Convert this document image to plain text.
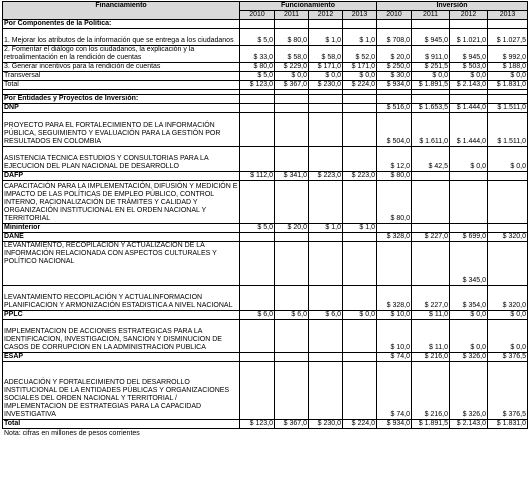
Financiamiento	Funcionamiento				Inversión			
	2010	2011	2012	2013	2010	2011	2012	2013
Por Componentes de la Política:								
1. Mejorar los atributos de la información que se entrega a los ciudadanos	$ 5,0	$ 80,0	$ 1,0	$ 1,0	$ 708,0	$ 945,0	$ 1.021,0	$ 1.027,5
2. Fomentar el diálogo con los ciudadanos, la explicación y la retroalimentación en la rendición de cuentas	$ 33,0	$ 58,0	$ 58,0	$ 52,0	$ 20,0	$ 911,0	$ 945,0	$ 992,0
3. Generar incentivos para la rendición de cuentas	$ 80,0	$ 229,0	$ 171,0	$ 171,0	$ 250,0	$ 251,5	$ 503,0	$ 188,0
Transversal	$ 5,0	$ 0,0	$ 0,0	$ 0,0	$ 30,0	$ 0,0	$ 0,0	$ 0,0
Total	$ 123,0	$ 367,0	$ 230,0	$ 224,0	$ 934,0	$ 1.891,5	$ 2.143,0	$ 1.831,0

Por Entidades y Proyectos de Inversión:								
DNP					$ 516,0	$ 1.653,5	$ 1.444,0	$ 1.511,0
PROYECTO PARA EL FORTALECIMIENTO DE LA INFORMACIÓN PÚBLICA, SEGUIMIENTO Y EVALUACIÓN PARA LA GESTIÓN POR RESULTADOS EN COLOMBIA					$ 504,0	$ 1.611,0	$ 1.444,0	$ 1.511,0
ASISTENCIA TECNICA ESTUDIOS Y CONSULTORIAS PARA LA EJECUCION DEL PLAN NACIONAL DE DESARROLLO					$ 12,0	$ 42,5	$ 0,0	$ 0,0
DAFP	$ 112,0	$ 341,0	$ 223,0	$ 223,0	$ 80,0			
CAPACITACIÓN PARA LA IMPLEMENTACIÓN, DIFUSIÓN Y MEDICIÓN E IMPACTO DE LAS POLÍTICAS DE EMPLEO PÚBLICO, CONTROL INTERNO, RACIONALIZACIÓN DE TRÁMITES Y CALIDAD Y ORGANIZACIÓN INSTITUCIONAL EN EL ORDEN NACIONAL Y TERRITORIAL					$ 80,0			
Mininterior	$ 5,0	$ 20,0	$ 1,0	$ 1,0				
DANE					$ 328,0	$ 227,0	$ 699,0	$ 320,0
LEVANTAMIENTO, RECOPILACIÓN Y ACTUALIZACIÓN DE LA INFORMACIÓN RELACIONADA CON ASPECTOS CULTURALES Y POLÍTICO NACIONAL							$ 345,0	
LEVANTAMIENTO RECOPILACIÓN Y ACTUALINFORMACION PLANIFICACION Y ARMONIZACIÓN ESTADISTICA A NIVEL NACIONAL					$ 328,0	$ 227,0	$ 354,0	$ 320,0
PPLC	$ 6,0	$ 6,0	$ 6,0	$ 0,0	$ 10,0	$ 11,0	$ 0,0	$ 0,0
IMPLEMENTACION DE ACCIONES ESTRATEGICAS PARA LA IDENTIFICACION, INVESTIGACION, SANCION Y DISMINUCION DE CASOS DE CORRUPCION EN LA ADMINISTRACION PUBLICA					$ 10,0	$ 11,0	$ 0,0	$ 0,0
ESAP					$ 74,0	$ 216,0	$ 326,0	$ 376,5
ADECUACIÓN Y FORTALECIMIENTO DEL DESARROLLO INSTITUCIONAL DE LA ENTIDADES PÚBLICAS Y ORGANIZACIONES SOCIALES DEL ORDEN NACIONAL Y TERRITORIAL / IMPLEMENTACION DE ESTRATEGIAS PARA LA CAPACIDAD INVESTIGATIVA					$ 74,0	$ 216,0	$ 326,0	$ 376,5
Total	$ 123,0	$ 367,0	$ 230,0	$ 224,0	$ 934,0	$ 1.891,5	$ 2.143,0	$ 1.831,0
Nota: cifras en millones de pesos corrientes
